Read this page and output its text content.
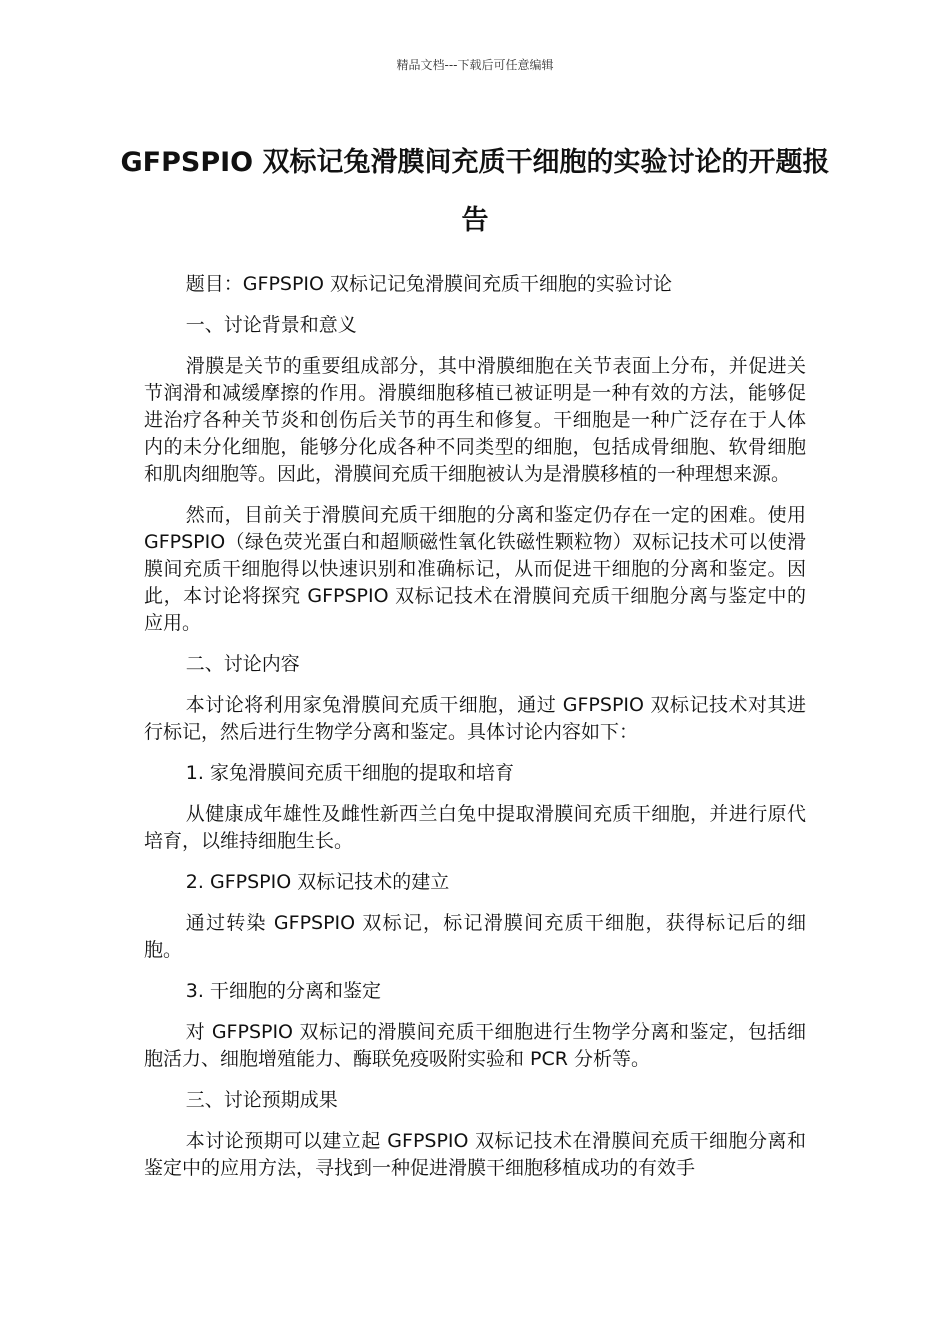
精品文档---下载后可任意编辑
GFPSPIO 双标记兔滑膜间充质干细胞的实验讨论的开题报告

题目：GFPSPIO 双标记记兔滑膜间充质干细胞的实验讨论

一、讨论背景和意义

滑膜是关节的重要组成部分，其中滑膜细胞在关节表面上分布，并促进关节润滑和减缓摩擦的作用。滑膜细胞移植已被证明是一种有效的方法，能够促进治疗各种关节炎和创伤后关节的再生和修复。干细胞是一种广泛存在于人体内的未分化细胞，能够分化成各种不同类型的细胞，包括成骨细胞、软骨细胞和肌肉细胞等。因此，滑膜间充质干细胞被认为是滑膜移植的一种理想来源。

然而，目前关于滑膜间充质干细胞的分离和鉴定仍存在一定的困难。使用 GFPSPIO（绿色荧光蛋白和超顺磁性氧化铁磁性颗粒物）双标记技术可以使滑膜间充质干细胞得以快速识别和准确标记，从而促进干细胞的分离和鉴定。因此，本讨论将探究 GFPSPIO 双标记技术在滑膜间充质干细胞分离与鉴定中的应用。

二、讨论内容

本讨论将利用家兔滑膜间充质干细胞，通过 GFPSPIO 双标记技术对其进行标记，然后进行生物学分离和鉴定。具体讨论内容如下：

1. 家兔滑膜间充质干细胞的提取和培育

从健康成年雄性及雌性新西兰白兔中提取滑膜间充质干细胞，并进行原代培育，以维持细胞生长。

2. GFPSPIO 双标记技术的建立

通过转染 GFPSPIO 双标记，标记滑膜间充质干细胞，获得标记后的细胞。

3. 干细胞的分离和鉴定

对 GFPSPIO 双标记的滑膜间充质干细胞进行生物学分离和鉴定，包括细胞活力、细胞增殖能力、酶联免疫吸附实验和 PCR 分析等。

三、讨论预期成果

本讨论预期可以建立起 GFPSPIO 双标记技术在滑膜间充质干细胞分离和鉴定中的应用方法，寻找到一种促进滑膜干细胞移植成功的有效手
